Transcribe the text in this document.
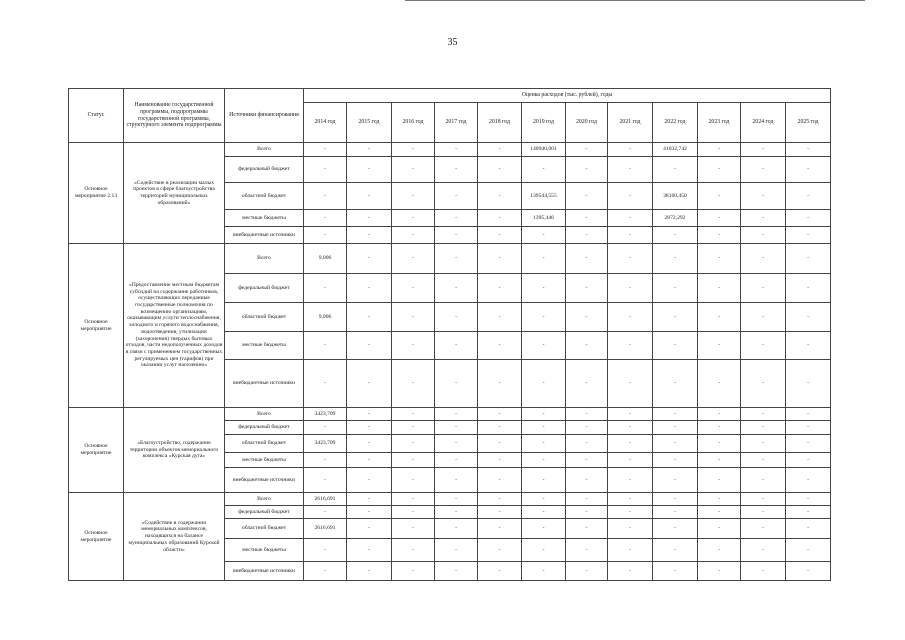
35
Статус	Наименование государственной программы, подпрограммы государственной программы, структурного элемента подпрограммы	Источники финансирования	Оценка расходов (тыс. рублей), годы											
			2014 год	2015 год	2016 год	2017 год	2018 год	2019 год	2020 год	2021 год	2022 год	2023 год	2024 год	2025 год
Основное мероприятие 2.13	«Содействие в реализации малых проектов в сфере благоустройства территорий муниципальных образований»	Всего	-	-	-	-	-	140940,001	-	-	41032,742	-	-	-
		федеральный бюджет	-	-	-	-	-	-	-	-	-	-	-	-
		областной бюджет	-	-	-	-	-	139544,555	-	-	38160,450	-	-	-
		местные бюджеты	-	-	-	-	-	1395,446	-	-	2872,292	-	-	-
		внебюджетные источники	-	-	-	-	-	-	-	-	-	-	-	-
Основное мероприятие	«Предоставление местным бюджетам субсидий на содержание работников, осуществляющих переданные государственные полномочия по возмещению организациям, оказывающим услуги теплоснабжения, холодного и горячего водоснабжения, водоотведения, утилизации (захоронения) твердых бытовых отходов, части недополученных доходов в связи с применением государственных регулируемых цен (тарифов) при оказании услуг населению»	Всего	9,006	-	-	-	-	-	-	-	-	-	-	-
		федеральный бюджет	-	-	-	-	-	-	-	-	-	-	-	-
		областной бюджет	9,006	-	-	-	-	-	-	-	-	-	-	-
		местные бюджеты	-	-	-	-	-	-	-	-	-	-	-	-
		внебюджетные источники	-	-	-	-	-	-	-	-	-	-	-	-
Основное мероприятие	«Благоустройство, содержание территории объектов мемориального комплекса «Курская дуга»	Всего	3423,709	-	-	-	-	-	-	-	-	-	-	-
		федеральный бюджет	-	-	-	-	-	-	-	-	-	-	-	-
		областной бюджет	3423,709	-	-	-	-	-	-	-	-	-	-	-
		местные бюджеты	-	-	-	-	-	-	-	-	-	-	-	-
		внебюджетные источники	-	-	-	-	-	-	-	-	-	-	-	-
Основное мероприятие	«Содействие в содержании мемориальных комплексов, находящихся на балансе муниципальных образований Курской области»	Всего	2616,691	-	-	-	-	-	-	-	-	-	-	-
		федеральный бюджет	-	-	-	-	-	-	-	-	-	-	-	-
		областной бюджет	2616,691	-	-	-	-	-	-	-	-	-	-	-
		местные бюджеты	-	-	-	-	-	-	-	-	-	-	-	-
		внебюджетные источники	-	-	-	-	-	-	-	-	-	-	-	-
